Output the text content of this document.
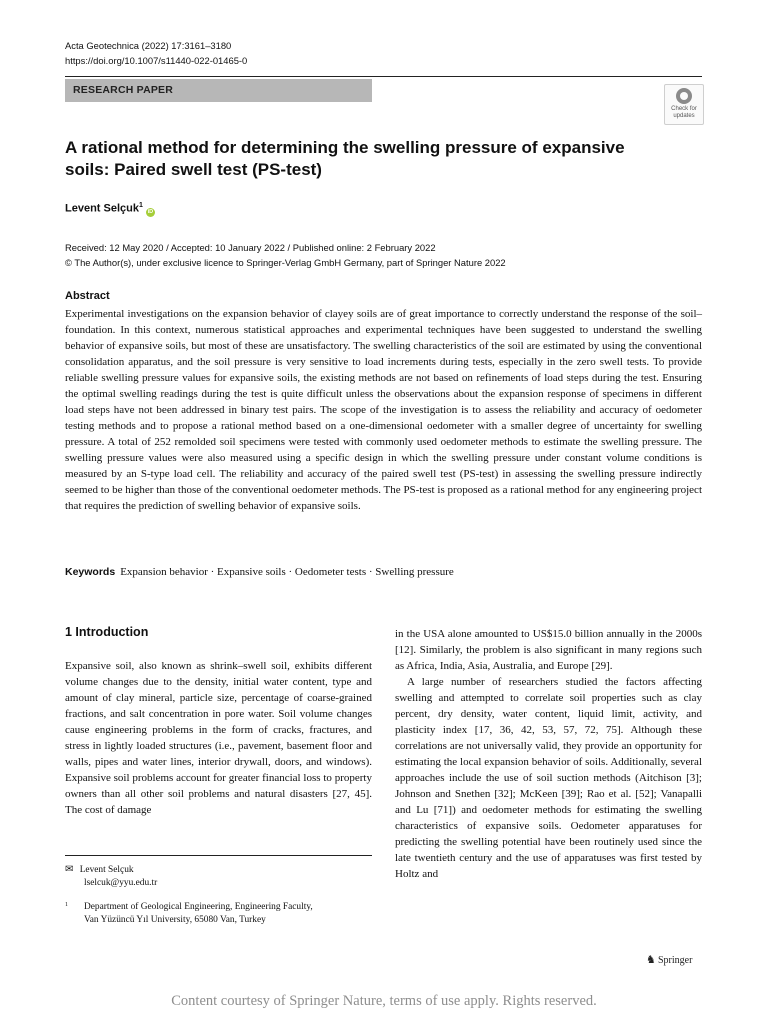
Acta Geotechnica (2022) 17:3161–3180
https://doi.org/10.1007/s11440-022-01465-0
RESEARCH PAPER
Check for
updates
A rational method for determining the swelling pressure of expansive soils: Paired swell test (PS-test)
Levent Selçuk$^1$iD
Received: 12 May 2020 / Accepted: 10 January 2022 / Published online: 2 February 2022
© The Author(s), under exclusive licence to Springer-Verlag GmbH Germany, part of Springer Nature 2022
Abstract

Experimental investigations on the expansion behavior of clayey soils are of great importance to correctly understand the response of the soil–foundation. In this context, numerous statistical approaches and experimental techniques have been suggested to understand the swelling behavior of expansive soils, but most of these are unsatisfactory. The swelling characteristics of the soil are estimated by using the conventional consolidation apparatus, and the soil pressure is very sensitive to load increments during tests, especially in the zero swell tests. To provide reliable swelling pressure values for expansive soils, the existing methods are not based on refinements of load steps during the test. Ensuring the optimal swelling readings during the test is quite difficult unless the observations about the expansion response of specimens in different load steps have not been addressed in binary test pairs. The scope of the investigation is to assess the reliability and accuracy of oedometer testing methods and to propose a rational method based on a one-dimensional oedometer with a smaller degree of uncertainty for swelling pressure. A total of 252 remolded soil specimens were tested with commonly used oedometer methods to estimate the swelling pressure. The swelling pressure values were also measured using a specific design in which the swelling pressure under constant volume conditions is measured by an S-type load cell. The reliability and accuracy of the paired swell test (PS-test) in assessing the swelling pressure indirectly seemed to be higher than those of the conventional oedometer methods. The PS-test is proposed as a rational method for any engineering project that requires the prediction of swelling behavior of expansive soils.

Keywords Expansion behavior · Expansive soils · Oedometer tests · Swelling pressure
1 Introduction

Expansive soil, also known as shrink–swell soil, exhibits different volume changes due to the density, initial water content, type and amount of clay mineral, particle size, percentage of coarse-grained fractions, and salt concentration in pore water. Soil volume changes cause engineering problems in the form of cracks, fractures, and stress in lightly loaded structures (i.e., pavement, basement floor and walls, pipes and water lines, interior drywall, doors, and windows). Expansive soil problems account for greater financial loss to property owners than all other soil problems and natural disasters [27, 45]. The cost of damage

in the USA alone amounted to US$15.0 billion annually in the 2000s [12]. Similarly, the problem is also significant in many regions such as Africa, India, Asia, Australia, and Europe [29].

A large number of researchers studied the factors affecting swelling and attempted to correlate soil properties such as clay percent, dry density, water content, liquid limit, activity, and plasticity index [17, 36, 42, 53, 57, 72, 75]. Although these correlations are not universally valid, they provide an opportunity for estimating the local expansion behavior of soils. Additionally, several approaches include the use of soil suction methods (Aitchison [3]; Johnson and Snethen [32]; McKeen [39]; Rao et al. [52]; Vanapalli and Lu [71]) and oedometer methods for estimating the swelling characteristics of expansive soils. Oedometer apparatuses for predicting the swelling potential have been routinely used since the late twentieth century and the use of apparatuses was first tested by Holtz and

✉ Levent Selçuk
lselcuk@yyu.edu.tr
1	Department of Geological Engineering, Engineering Faculty,
Van Yüzüncü Yıl University, 65080 Van, Turkey
♞ Springer
Content courtesy of Springer Nature, terms of use apply. Rights reserved.
